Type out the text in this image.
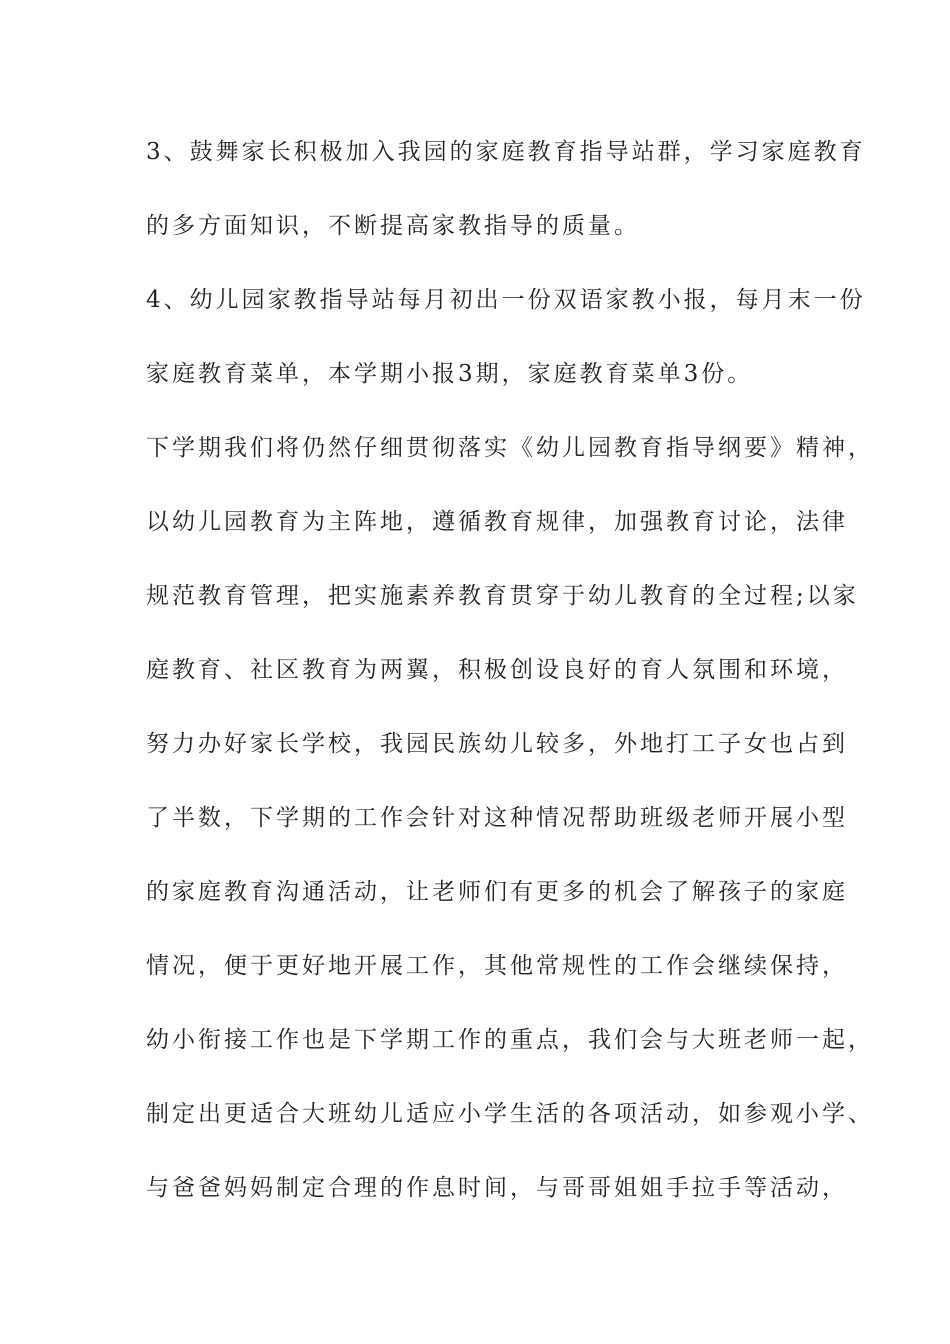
3、鼓舞家长积极加入我园的家庭教育指导站群，学习家庭教育
的多方面知识，不断提高家教指导的质量。
4、幼儿园家教指导站每月初出一份双语家教小报，每月末一份
家庭教育菜单，本学期小报3期，家庭教育菜单3份。
下学期我们将仍然仔细贯彻落实《幼儿园教育指导纲要》精神，
以幼儿园教育为主阵地，遵循教育规律，加强教育讨论，法律
规范教育管理，把实施素养教育贯穿于幼儿教育的全过程;以家
庭教育、社区教育为两翼，积极创设良好的育人氛围和环境，
努力办好家长学校，我园民族幼儿较多，外地打工子女也占到
了半数，下学期的工作会针对这种情况帮助班级老师开展小型
的家庭教育沟通活动，让老师们有更多的机会了解孩子的家庭
情况，便于更好地开展工作，其他常规性的工作会继续保持，
幼小衔接工作也是下学期工作的重点，我们会与大班老师一起，
制定出更适合大班幼儿适应小学生活的各项活动，如参观小学、
与爸爸妈妈制定合理的作息时间，与哥哥姐姐手拉手等活动，
